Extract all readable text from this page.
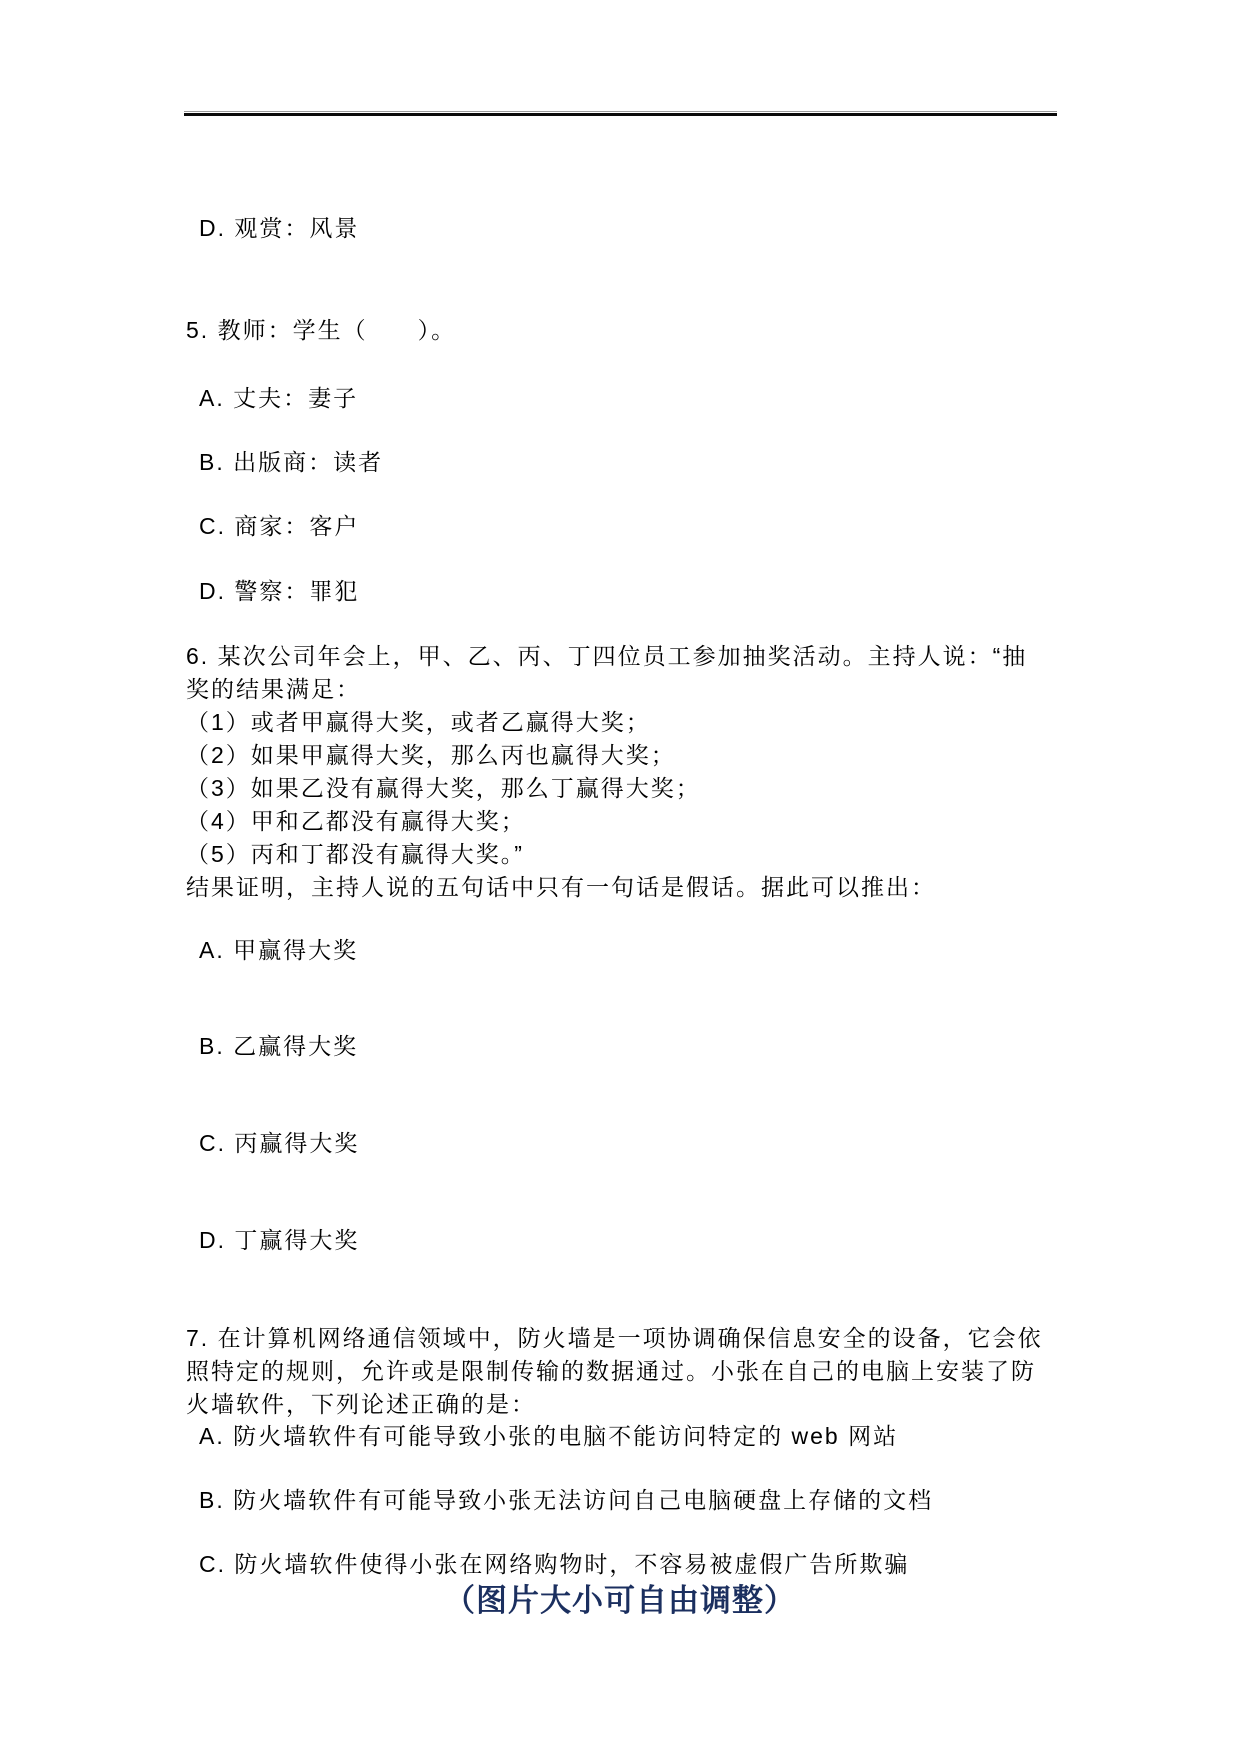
D. 观赏：风景
5. 教师：学生（　　）。
A. 丈夫：妻子
B. 出版商：读者
C. 商家：客户
D. 警察：罪犯
6. 某次公司年会上，甲、乙、丙、丁四位员工参加抽奖活动。主持人说：“抽
奖的结果满足：
（1）或者甲赢得大奖，或者乙赢得大奖；
（2）如果甲赢得大奖，那么丙也赢得大奖；
（3）如果乙没有赢得大奖，那么丁赢得大奖；
（4）甲和乙都没有赢得大奖；
（5）丙和丁都没有赢得大奖。”
结果证明，主持人说的五句话中只有一句话是假话。据此可以推出：
A. 甲赢得大奖
B. 乙赢得大奖
C. 丙赢得大奖
D. 丁赢得大奖
7. 在计算机网络通信领域中，防火墙是一项协调确保信息安全的设备，它会依
照特定的规则，允许或是限制传输的数据通过。小张在自己的电脑上安装了防
火墙软件，下列论述正确的是：
A. 防火墙软件有可能导致小张的电脑不能访问特定的 web 网站
B. 防火墙软件有可能导致小张无法访问自己电脑硬盘上存储的文档
C. 防火墙软件使得小张在网络购物时，不容易被虚假广告所欺骗
（图片大小可自由调整）
